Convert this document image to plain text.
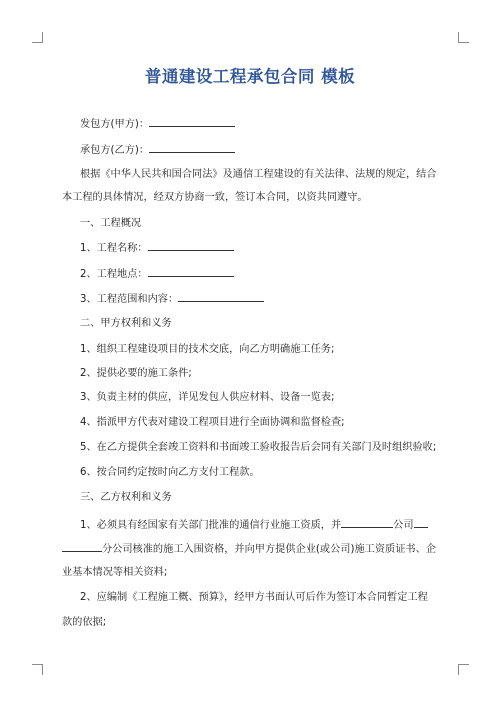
普通建设工程承包合同 模板
发包方(甲方)：
承包方(乙方)：
根据《中华人民共和国合同法》及通信工程建设的有关法律、法规的规定，结合
本工程的具体情况，经双方协商一致，签订本合同，以资共同遵守。
一、工程概况
1、工程名称：
2、工程地点：
3、工程范围和内容：
二、甲方权利和义务
1、组织工程建设项目的技术交底，向乙方明确施工任务;
2、提供必要的施工条件;
3、负责主材的供应，详见发包人供应材料、设备一览表;
4、指派甲方代表对建设工程项目进行全面协调和监督检查;
5、在乙方提供全套竣工资料和书面竣工验收报告后会同有关部门及时组织验收;
6、按合同约定按时向乙方支付工程款。
三、乙方权利和义务
1、必须具有经国家有关部门批准的通信行业施工资质，并	公司
分公司核准的施工入围资格，并向甲方提供企业(或公司)施工资质证书、企
业基本情况等相关资料;
2、应编制《工程施工概、预算》，经甲方书面认可后作为签订本合同暂定工程
款的依据;
